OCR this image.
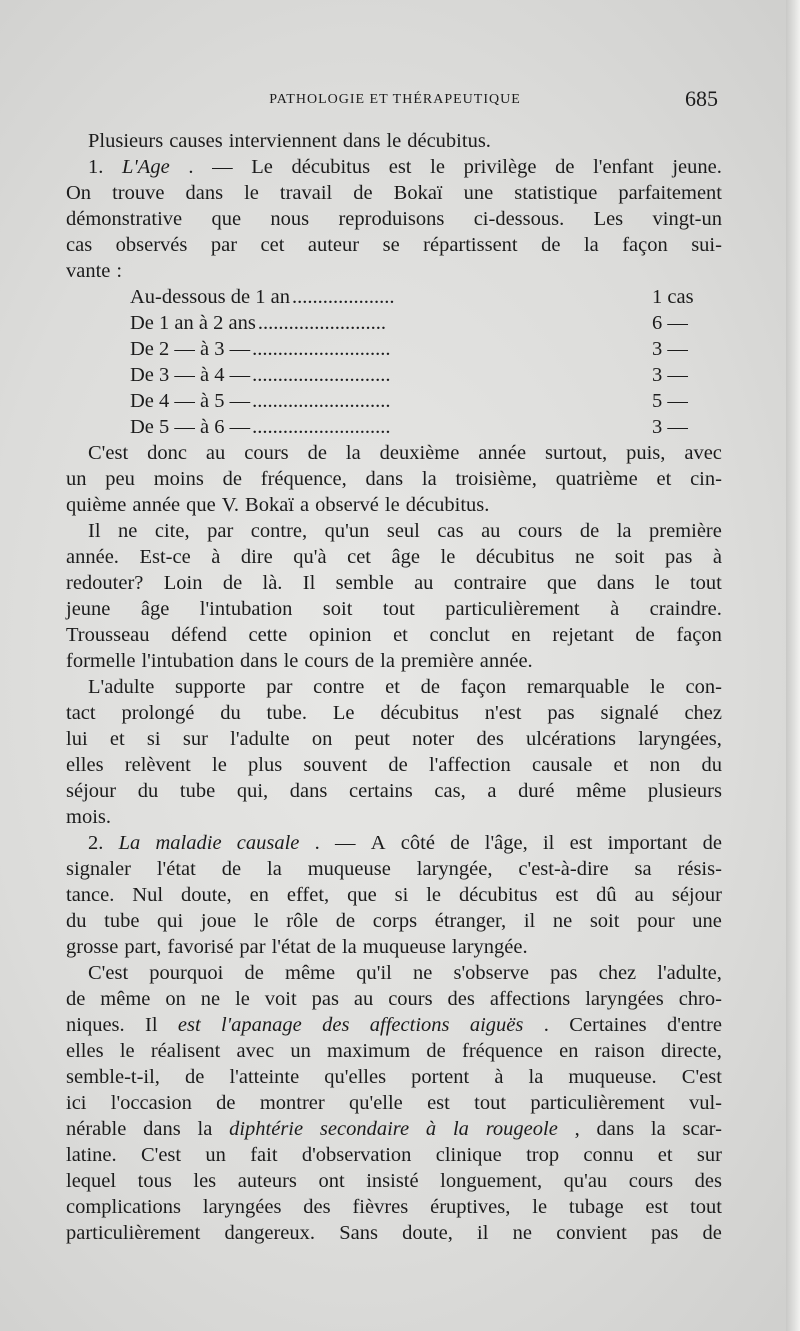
PATHOLOGIE ET THÉRAPEUTIQUE	685
Plusieurs causes interviennent dans le décubitus.
1. L'Age . — Le décubitus est le privilège de l'enfant jeune.
On trouve dans le travail de Bokaï une statistique parfaitement
démonstrative que nous reproduisons ci-dessous. Les vingt-un
cas observés par cet auteur se répartissent de la façon sui-
vante :
Au-dessous de 1 an ....................	1 cas
De 1 an à 2 ans .........................	6 —
De 2 — à 3 — ...........................	3 —
De 3 — à 4 — ...........................	3 —
De 4 — à 5 — ...........................	5 —
De 5 — à 6 — ...........................	3 —
C'est donc au cours de la deuxième année surtout, puis, avec
un peu moins de fréquence, dans la troisième, quatrième et cin-
quième année que V. Bokaï a observé le décubitus.
Il ne cite, par contre, qu'un seul cas au cours de la première
année. Est-ce à dire qu'à cet âge le décubitus ne soit pas à
redouter? Loin de là. Il semble au contraire que dans le tout
jeune âge l'intubation soit tout particulièrement à craindre.
Trousseau défend cette opinion et conclut en rejetant de façon
formelle l'intubation dans le cours de la première année.
L'adulte supporte par contre et de façon remarquable le con-
tact prolongé du tube. Le décubitus n'est pas signalé chez
lui et si sur l'adulte on peut noter des ulcérations laryngées,
elles relèvent le plus souvent de l'affection causale et non du
séjour du tube qui, dans certains cas, a duré même plusieurs
mois.
2. La maladie causale . — A côté de l'âge, il est important de
signaler l'état de la muqueuse laryngée, c'est-à-dire sa résis-
tance. Nul doute, en effet, que si le décubitus est dû au séjour
du tube qui joue le rôle de corps étranger, il ne soit pour une
grosse part, favorisé par l'état de la muqueuse laryngée.
C'est pourquoi de même qu'il ne s'observe pas chez l'adulte,
de même on ne le voit pas au cours des affections laryngées chro-
niques. Il est l'apanage des affections aiguës . Certaines d'entre
elles le réalisent avec un maximum de fréquence en raison directe,
semble-t-il, de l'atteinte qu'elles portent à la muqueuse. C'est
ici l'occasion de montrer qu'elle est tout particulièrement vul-
nérable dans la diphtérie secondaire à la rougeole , dans la scar-
latine. C'est un fait d'observation clinique trop connu et sur
lequel tous les auteurs ont insisté longuement, qu'au cours des
complications laryngées des fièvres éruptives, le tubage est tout
particulièrement dangereux. Sans doute, il ne convient pas de
